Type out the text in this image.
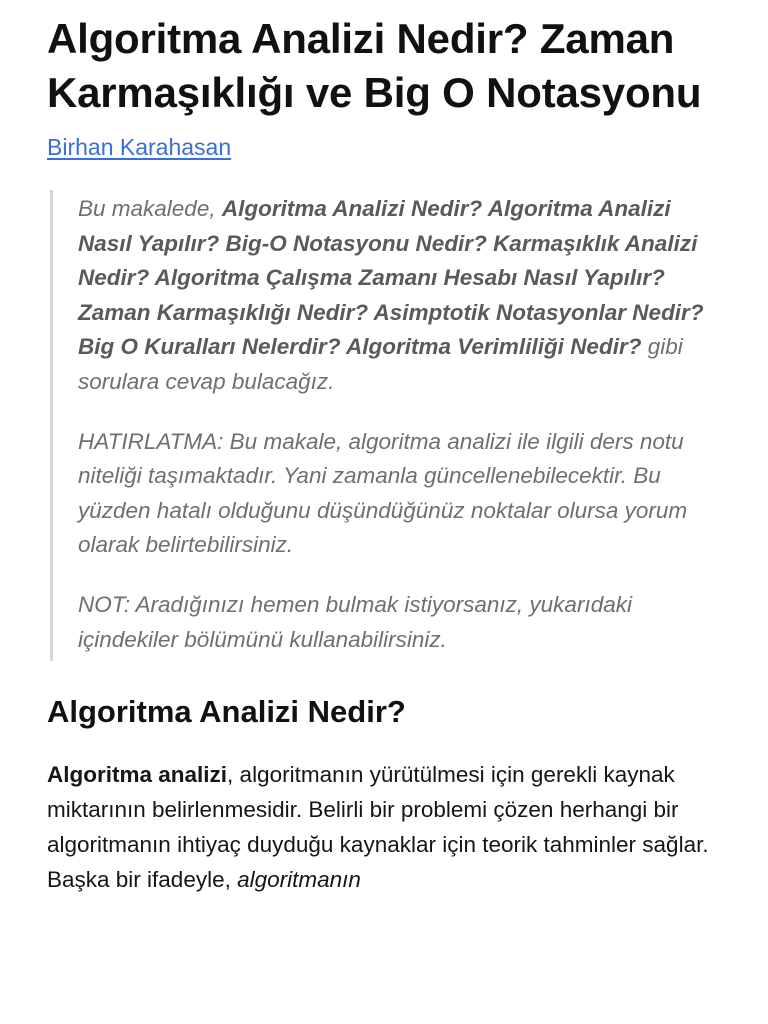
Algoritma Analizi Nedir? Zaman Karmaşıklığı ve Big O Notasyonu
Birhan Karahasan

Bu makalede, Algoritma Analizi Nedir? Algoritma Analizi Nasıl Yapılır? Big-O Notasyonu Nedir? Karmaşıklık Analizi Nedir? Algoritma Çalışma Zamanı Hesabı Nasıl Yapılır? Zaman Karmaşıklığı Nedir? Asimptotik Notasyonlar Nedir? Big O Kuralları Nelerdir? Algoritma Verimliliği Nedir? gibi sorulara cevap bulacağız.

HATIRLATMA: Bu makale, algoritma analizi ile ilgili ders notu niteliği taşımaktadır. Yani zamanla güncellenebilecektir. Bu yüzden hatalı olduğunu düşündüğünüz noktalar olursa yorum olarak belirtebilirsiniz.

NOT: Aradığınızı hemen bulmak istiyorsanız, yukarıdaki içindekiler bölümünü kullanabilirsiniz.

Algoritma Analizi Nedir?

Algoritma analizi, algoritmanın yürütülmesi için gerekli kaynak miktarının belirlenmesidir. Belirli bir problemi çözen herhangi bir algoritmanın ihtiyaç duyduğu kaynaklar için teorik tahminler sağlar. Başka bir ifadeyle, algoritmanın
